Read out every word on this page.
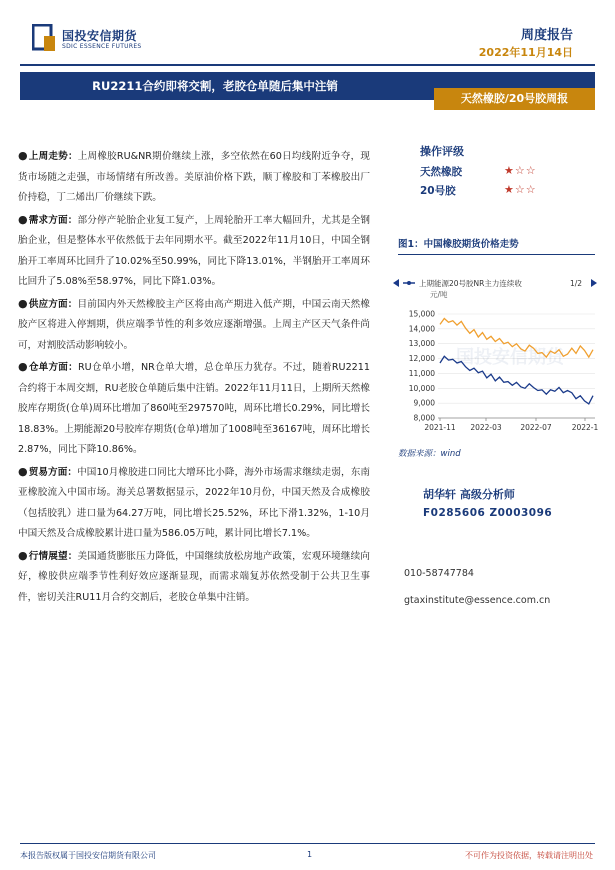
国投安信期货
SDIC ESSENCE FUTURES
周度报告
2022年11月14日
RU2211合约即将交割，老胶仓单随后集中注销
天然橡胶/20号胶周报

●上周走势：上周橡胶RU&NR期价继续上涨，多空依然在60日均线附近争夺，现货市场随之走强，市场情绪有所改善。美原油价格下跌，顺丁橡胶和丁苯橡胶出厂价持稳，丁二烯出厂价继续下跌。

●需求方面：部分停产轮胎企业复工复产，上周轮胎开工率大幅回升，尤其是全钢胎企业，但是整体水平依然低于去年同期水平。截至2022年11月10日，中国全钢胎开工率周环比回升了10.02%至50.99%，同比下降13.01%，半钢胎开工率周环比回升了5.08%至58.97%，同比下降1.03%。

●供应方面：目前国内外天然橡胶主产区将由高产期进入低产期，中国云南天然橡胶产区将进入停割期，供应端季节性的利多效应逐渐增强。上周主产区天气条件尚可，对割胶活动影响较小。

●仓单方面：RU仓单小增，NR仓单大增，总仓单压力犹存。不过，随着RU2211合约将于本周交割，RU老胶仓单随后集中注销。2022年11月11日，上期所天然橡胶库存期货(仓单)周环比增加了860吨至297570吨，周环比增长0.29%，同比增长18.83%。上期能源20号胶库存期货(仓单)增加了1008吨至36167吨，周环比增长2.87%，同比下降10.86%。

●贸易方面：中国10月橡胶进口同比大增环比小降，海外市场需求继续走弱，东南亚橡胶流入中国市场。海关总署数据显示，2022年10月份，中国天然及合成橡胶（包括胶乳）进口量为64.27万吨，同比增长25.52%，环比下滑1.32%，1-10月中国天然及合成橡胶累计进口量为586.05万吨，累计同比增长7.1%。

●行情展望：美国通货膨胀压力降低，中国继续放松房地产政策，宏观环境继续向好，橡胶供应端季节性利好效应逐渐显现，而需求端复苏依然受制于公共卫生事件，密切关注RU11月合约交割后，老胶仓单集中注销。

操作评级
天然橡胶	★☆☆
20号胶	★☆☆
图1：中国橡胶期货价格走势
国投安信期货
8,000
9,000
10,000
11,000
12,000
13,000
14,000
15,000
2021-11 2022-03 2022-07	2022-1
上期能源20号胶NR主力连续收	1/2
元/吨
数据来源：wind
胡华轩 高级分析师
F0285606 Z0003096
010-58747784
gtaxinstitute@essence.com.cn
本报告版权属于国投安信期货有限公司	1	不可作为投资依据，转载请注明出处
